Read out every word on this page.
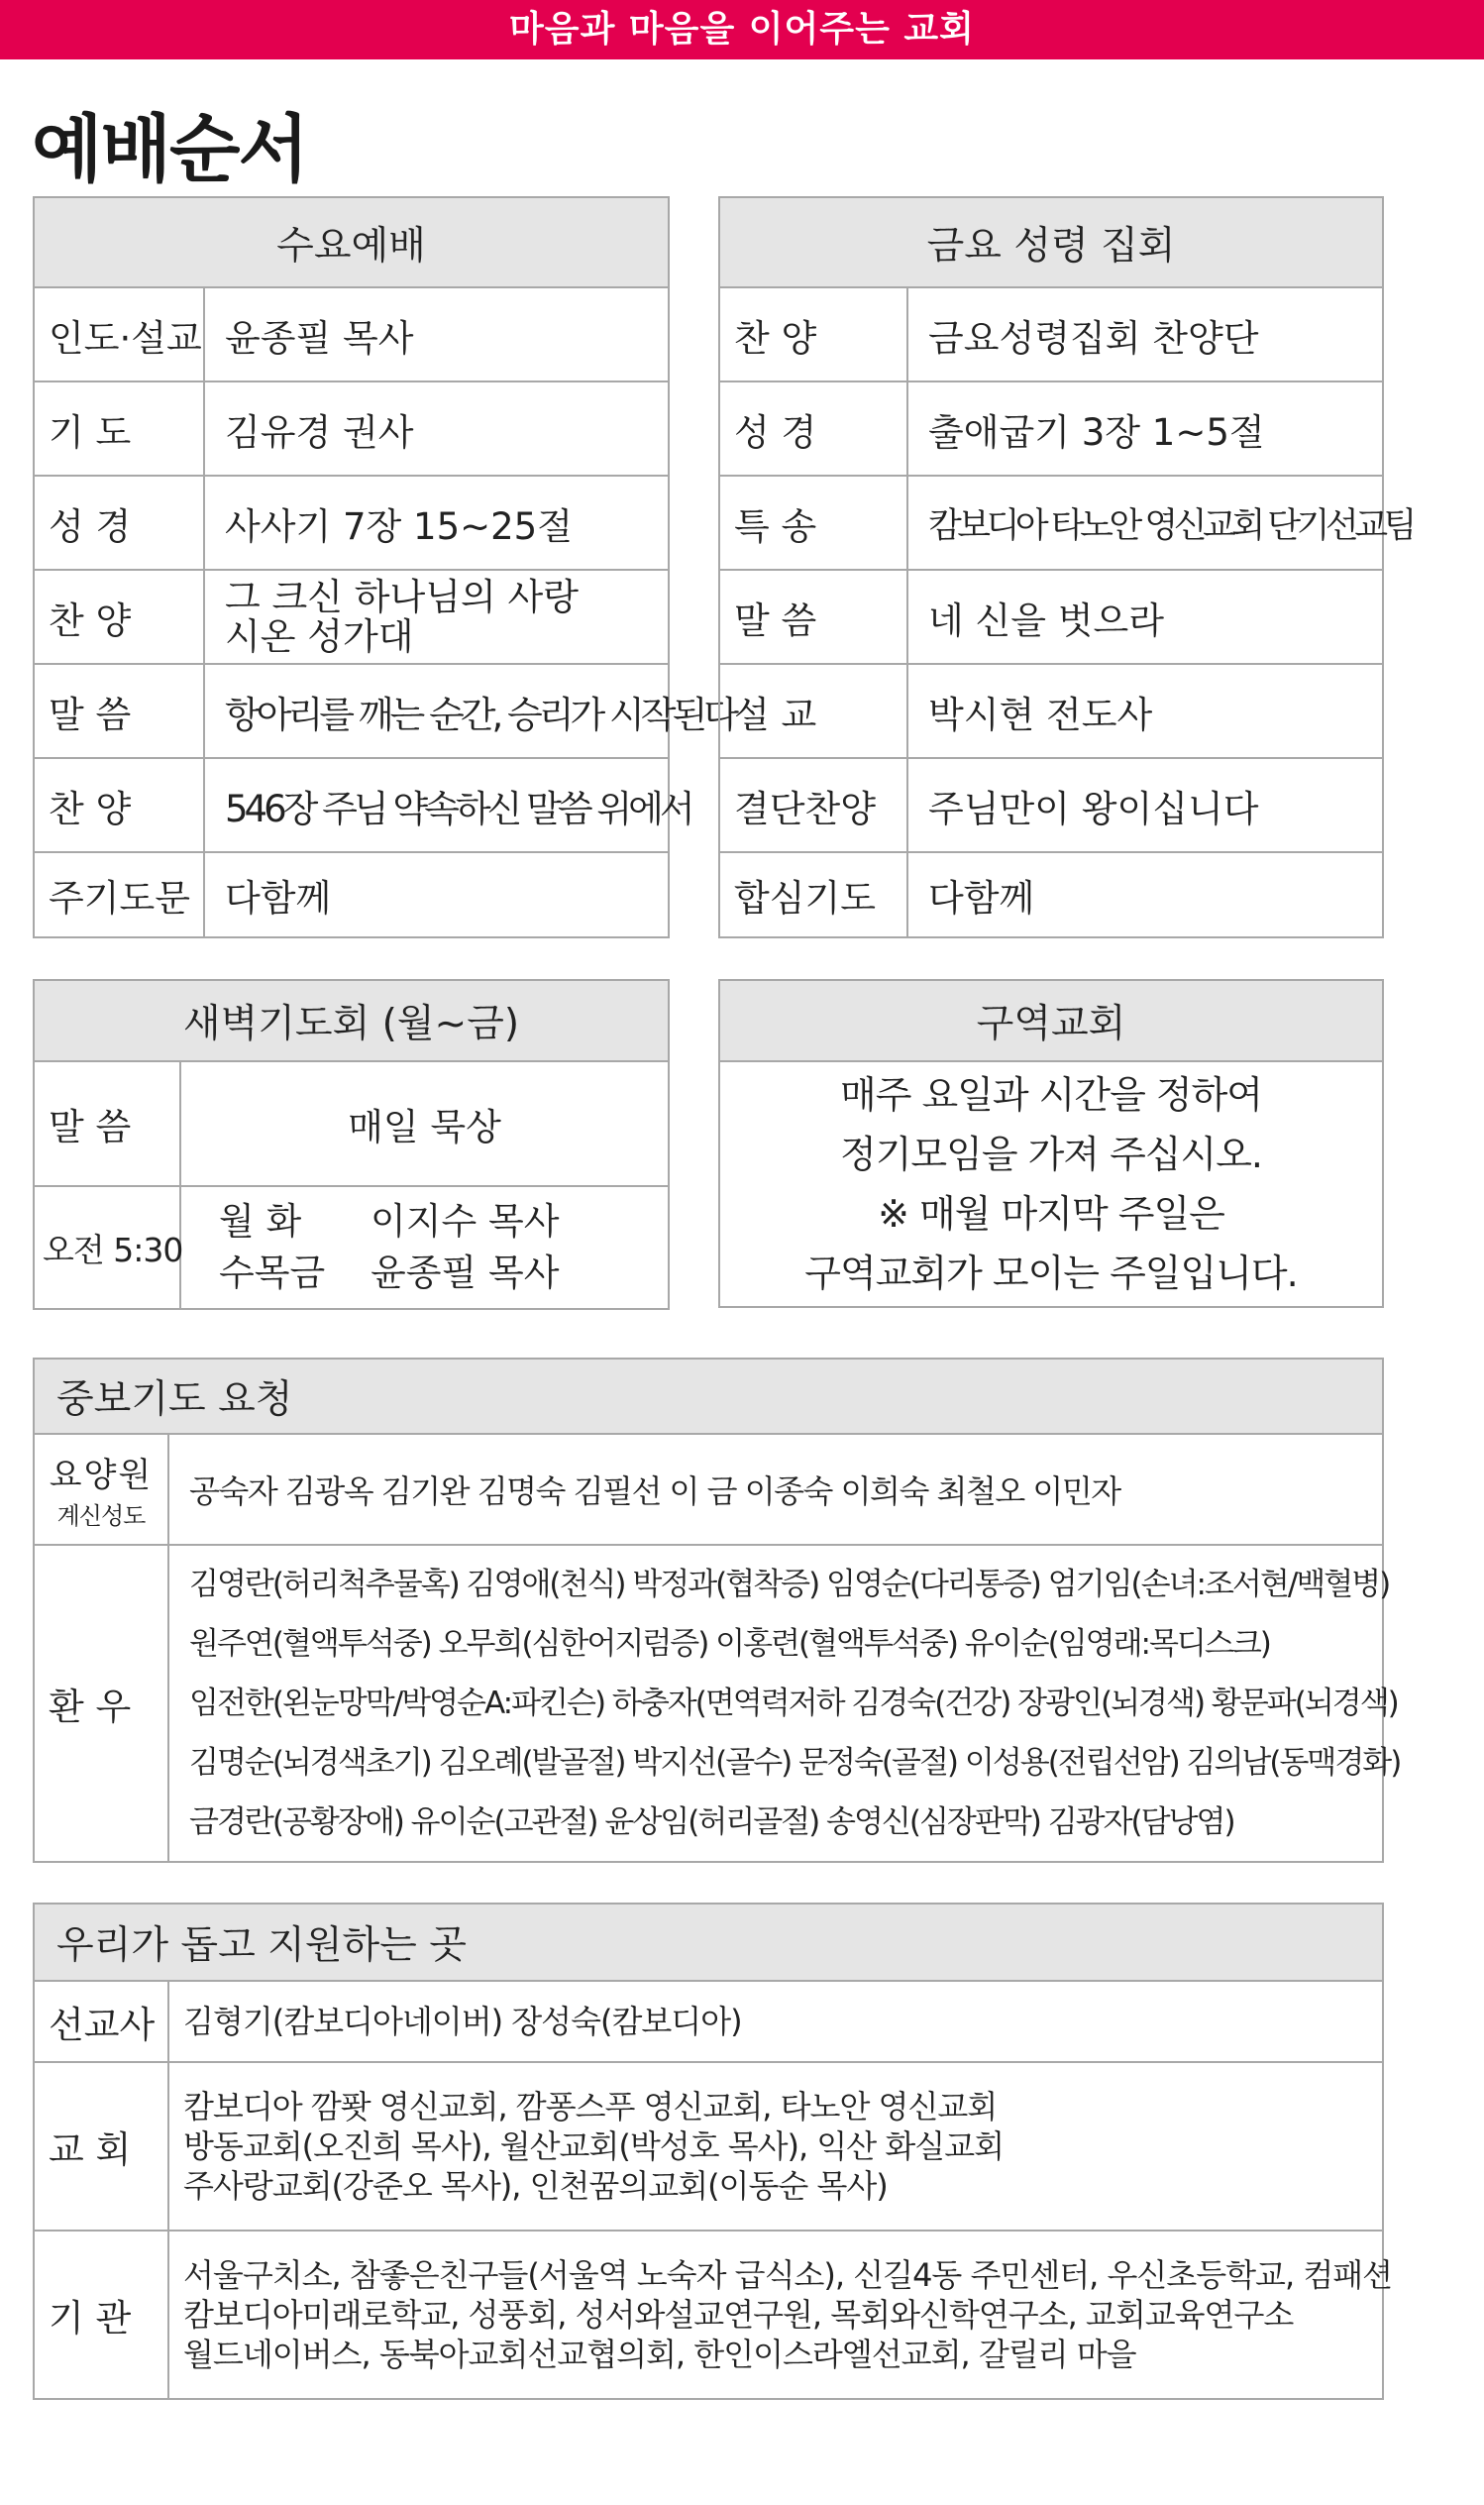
마음과 마음을 이어주는 교회
예배순서
수요예배	
인도·설교	윤종필 목사

기 도	김유경 권사
성 경	사사기 7장 15~25절
찬 양	그 크신 하나님의 사랑
시온 성가대

말 씀	항아리를 깨는 순간, 승리가 시작된다
찬 양	546장 주님 약속하신 말씀 위에서
주기도문	다함께
금요 성령 집회	
찬 양	금요성령집회 찬양단
성 경	출애굽기 3장 1~5절
특 송	캄보디아 타노안 영신교회 단기선교팀
말 씀	네 신을 벗으라
설 교	박시현 전도사
결단찬양	주님만이 왕이십니다
합심기도	다함께
새벽기도회 (월~금)	
말 씀	매일 묵상
오전 5:30	월 화 이지수 목사
수목금 윤종필 목사
구역교회

매주 요일과 시간을 정하여
정기모임을 가져 주십시오.
※ 매월 마지막 주일은
구역교회가 모이는 주일입니다.
중보기도 요청	

요양원
계신성도	공숙자 김광옥 김기완 김명숙 김필선 이 금 이종숙 이희숙 최철오 이민자
환 우	김영란(허리척추물혹) 김영애(천식) 박정과(협착증) 임영순(다리통증) 엄기임(손녀:조서현/백혈병)
원주연(혈액투석중) 오무희(심한어지럼증) 이홍련(혈액투석중) 유이순(임영래:목디스크)
임전한(왼눈망막/박영순A:파킨슨) 하충자(면역력저하 김경숙(건강) 장광인(뇌경색) 황문파(뇌경색)
김명순(뇌경색초기) 김오례(발골절) 박지선(골수) 문정숙(골절) 이성용(전립선암) 김의남(동맥경화)
금경란(공황장애) 유이순(고관절) 윤상임(허리골절) 송영신(심장판막) 김광자(담낭염)
우리가 돕고 지원하는 곳	
선교사	김형기(캄보디아네이버) 장성숙(캄보디아)

교 회	캄보디아 깜퐛 영신교회, 깜퐁스푸 영신교회, 타노안 영신교회
방동교회(오진희 목사), 월산교회(박성호 목사), 익산 화실교회
주사랑교회(강준오 목사), 인천꿈의교회(이동순 목사)

기 관	서울구치소, 참좋은친구들(서울역 노숙자 급식소), 신길4동 주민센터, 우신초등학교, 컴패션
캄보디아미래로학교, 성풍회, 성서와설교연구원, 목회와신학연구소, 교회교육연구소
월드네이버스, 동북아교회선교협의회, 한인이스라엘선교회, 갈릴리 마을
